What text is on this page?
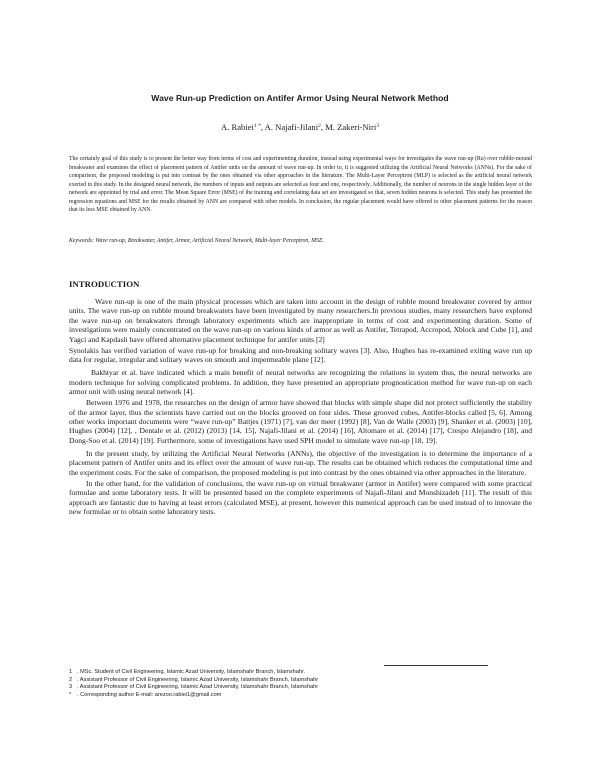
Wave Run-up Prediction on Antifer Armor Using Neural Network Method
A. Rabiei$^{1 *}$, A. Najafi-Jilani$^2$, M. Zakeri-Niri$^3$
The certainly goal of this study is to present the better way from terms of cost and experimenting duration, instead using experimental ways for investigates the wave run-up (Ru) over rubble-mound breakwater and examines the effect of placement pattern of Antifer units on the amount of wave run-up. In order to, it is suggested utilizing the Artificial Neural Networks (ANNs). For the sake of comparison, the proposed modeling is put into contrast by the ones obtained via other approaches in the literature. The Multi-Layer Perceptron (MLP) is selected as the artificial neural network exerted in this study. In the designed neural network, the numbers of inputs and outputs are selected as four and one, respectively. Additionally, the number of neurons in the single hidden layer of the network are appointed by trial and error. The Mean Square Error (MSE) of the training and correlating data set are investigated so that, seven hidden neurons is selected. This study has presented the regression equations and MSE for the results obtained by ANN are compared with other models. In conclusion, the regular placement would have offered to other placement patterns for the reason that its less MSE obtained by ANN.
Keywords: Wave run-up, Breakwater, Antifer, Armor, Artificial Neural Network, Multi-layer Perceptron, MSE.
INTRODUCTION

Wave run-up is one of the main physical processes which are taken into account in the design of rubble mound breakwater covered by armor units. The wave run-up on rubble mound breakwaters have been investigated by many researchers.In previous studies, many researchers have explored the wave run-up on breakwaters through laboratory experiments which are inappropriate in terms of cost and experimenting duration. Some of investigations were mainly concentrated on the wave run-up on various kinds of armor as well as Antifer, Tetrapod, Accropod, Xblock and Cube [1], and Yagci and Kapdasli have offered alternative placement technique for antifer units [2]

Synolakis has verified variation of wave run-up for breaking and non-breaking solitary waves [3]. Also, Hughes has re-examined exiting wave run up data for regular, irregular and solitary waves on smooth and impermeable plane [12].

Bakhtyar et al. have indicated which a main benefit of neural networks are recognizing the relations in system thus, the neural networks are modern technique for solving complicated problems. In addition, they have presented an appropriate prognostication method for wave run-up on each armor unit with using neural network [4].

Between 1976 and 1978, the researches on the design of armor have showed that blocks with simple shape did not protect sufficiently the stability of the armor layer, thus the scientists have carried out on the blocks grooved on four sides. These grooved cubes, Antifer-blocks called [5, 6]. Among other works important documents were “wave run-up” Battjes (1971) [7], van der meer (1992) [8], Van de Walle (2003) [9], Shanker et al. (2003) [10], Hughes (2004) [12], , Dentale et al. (2012) (2013) [14, 15], Najafi-Jilani et al. (2014) [16], Altomare et al. (2014) [17], Crespo Alejandro [18], and Dong-Soo et al. (2014) [19]. Furthermore, some of investigations have used SPH model to simulate wave run-up [18, 19].

In the present study, by utilizing the Artificial Neural Networks (ANNs), the objective of the investigation is to determine the importance of a placement pattern of Antifer units and its effect over the amount of wave run-up. The results can be obtained which reduces the computational time and the experiment costs. For the sake of comparison, the proposed modeling is put into contrast by the ones obtained via other approaches in the literature.

In the other hand, for the validation of conclusions, the wave run-up on virtual breakwater (armor in Antifer) were compared with some practical formulae and some laboratory tests. It will be presented based on the complete experiments of Najafi-Jilani and Monshizadeh [11]. The result of this approach are fantastic due to having at least errors (calculated MSE), at present, however this numerical approach can be used instead of to innovate the new formulae or to obtain some laboratory tests.

1 . MSc. Student of Civil Engineering, Islamic Azad University, Islamshahr Branch, Islamshahr.
2 . Assistant Professor of Civil Engineering, Islamic Azad University, Islamshahr Branch, Islamshahr
3 . Assistant Professor of Civil Engineering, Islamic Azad University, Islamshahr Branch, Islamshahr
* . Corresponding author E-mail: arezoo.rabiei1@gmail.com
